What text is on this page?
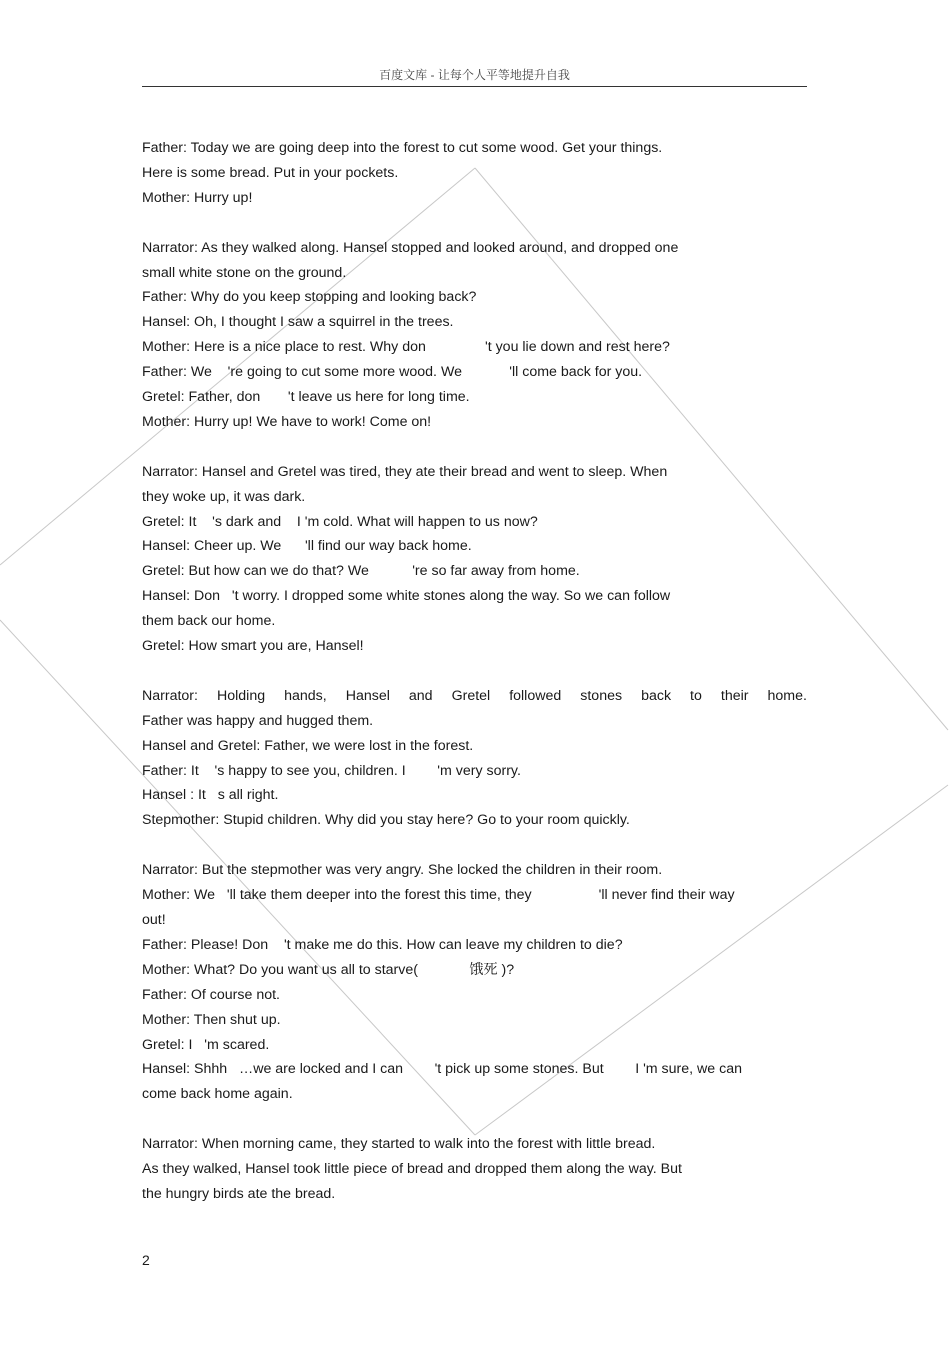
百度文库 - 让每个人平等地提升自我
Father: Today we are going deep into the forest to cut some wood. Get your things.
Here is some bread. Put in your pockets.
Mother: Hurry up!
Narrator: As they walked along. Hansel stopped and looked around, and dropped one
small white stone on the ground.
Father: Why do you keep stopping and looking back?
Hansel: Oh, I thought I saw a squirrel in the trees.
Mother: Here is a nice place to rest. Why don               't you lie down and rest here?
Father: We    're going to cut some more wood. We            'll come back for you.
Gretel: Father, don       't leave us here for long time.
Mother: Hurry up! We have to work! Come on!
Narrator: Hansel and Gretel was tired, they ate their bread and went to sleep. When
they woke up, it was dark.
Gretel: It    's dark and    I 'm cold. What will happen to us now?
Hansel: Cheer up. We      'll find our way back home.
Gretel: But how can we do that? We           're so far away from home.
Hansel: Don   't worry. I dropped some white stones along the way. So we can follow
them back our home.
Gretel: How smart you are, Hansel!
Narrator: Holding hands, Hansel and Gretel followed stones back to their home.
Father was happy and hugged them.
Hansel and Gretel: Father, we were lost in the forest.
Father: It    's happy to see you, children. I        'm very sorry.
Hansel : It   s all right.
Stepmother: Stupid children. Why did you stay here? Go to your room quickly.
Narrator: But the stepmother was very angry. She locked the children in their room.
Mother: We   'll take them deeper into the forest this time, they                 'll never find their way
out!
Father: Please! Don    't make me do this. How can leave my children to die?
Mother: What? Do you want us all to starve(             饿死 )?
Father: Of course not.
Mother: Then shut up.
Gretel: I   'm scared.
Hansel: Shhh   …we are locked and I can        't pick up some stones. But        I 'm sure, we can
come back home again.
Narrator: When morning came, they started to walk into the forest with little bread.
As they walked, Hansel took little piece of bread and dropped them along the way. But
the hungry birds ate the bread.
2
